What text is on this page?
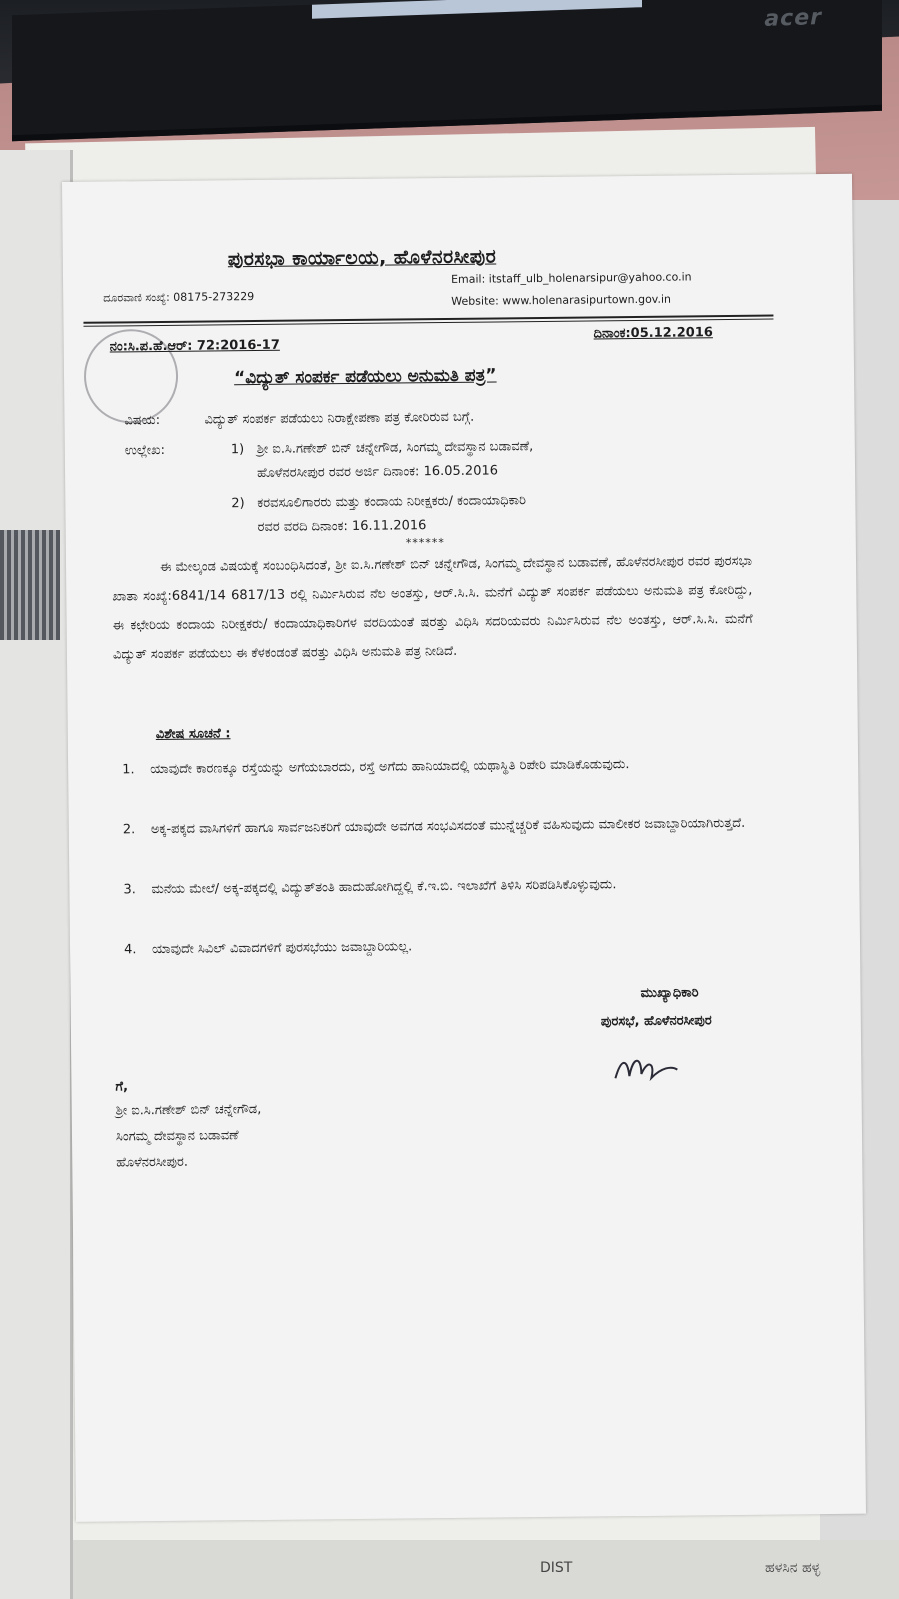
acer
DIST	ಹಳಸಿನ ಹಳ್ಳ
ಪುರಸಭಾ ಕಾರ್ಯಾಲಯ, ಹೊಳೆನರಸೀಪುರ
Email: itstaff_ulb_holenarsipur@yahoo.co.in
ದೂರವಾಣಿ ಸಂಖ್ಯೆ: 08175-273229	Website: www.holenarasipurtown.gov.in
ನಂ:ಸಿ.ಪ.ಹೆ.ಆರ್: 72:2016-17
ದಿನಾಂಕ:05.12.2016
“ವಿದ್ಯುತ್ ಸಂಪರ್ಕ ಪಡೆಯಲು ಅನುಮತಿ ಪತ್ರ”
ವಿಷಯ:	ವಿದ್ಯುತ್ ಸಂಪರ್ಕ ಪಡೆಯಲು ನಿರಾಕ್ಷೇಪಣಾ ಪತ್ರ ಕೋರಿರುವ ಬಗ್ಗೆ.
ಉಲ್ಲೇಖ:	1) ಶ್ರೀ ಐ.ಸಿ.ಗಣೇಶ್ ಬಿನ್ ಚನ್ನೇಗೌಡ, ಸಿಂಗಮ್ಮ ದೇವಸ್ಥಾನ ಬಡಾವಣೆ,
ಹೊಳೆನರಸೀಪುರ ರವರ ಅರ್ಜಿ ದಿನಾಂಕ: 16.05.2016
2) ಕರವಸೂಲಿಗಾರರು ಮತ್ತು ಕಂದಾಯ ನಿರೀಕ್ಷಕರು/ ಕಂದಾಯಾಧಿಕಾರಿ
ರವರ ವರದಿ ದಿನಾಂಕ: 16.11.2016
******
ಈ ಮೇಲ್ಕಂಡ ವಿಷಯಕ್ಕೆ ಸಂಬಂಧಿಸಿದಂತೆ, ಶ್ರೀ ಐ.ಸಿ.ಗಣೇಶ್ ಬಿನ್ ಚನ್ನೇಗೌಡ, ಸಿಂಗಮ್ಮ ದೇವಸ್ಥಾನ ಬಡಾವಣೆ, ಹೊಳೆನರಸೀಪುರ ರವರ ಪುರಸಭಾ ಖಾತಾ ಸಂಖ್ಯೆ:6841/14 6817/13 ರಲ್ಲಿ ನಿರ್ಮಿಸಿರುವ ನೆಲ ಅಂತಸ್ತು, ಆರ್.ಸಿ.ಸಿ. ಮನೆಗೆ ವಿದ್ಯುತ್ ಸಂಪರ್ಕ ಪಡೆಯಲು ಅನುಮತಿ ಪತ್ರ ಕೋರಿದ್ದು, ಈ ಕಛೇರಿಯ ಕಂದಾಯ ನಿರೀಕ್ಷಕರು/ ಕಂದಾಯಾಧಿಕಾರಿಗಳ ವರದಿಯಂತೆ ಷರತ್ತು ವಿಧಿಸಿ ಸದರಿಯವರು ನಿರ್ಮಿಸಿರುವ ನೆಲ ಅಂತಸ್ತು, ಆರ್.ಸಿ.ಸಿ. ಮನೆಗೆ ವಿದ್ಯುತ್ ಸಂಪರ್ಕ ಪಡೆಯಲು ಈ ಕೆಳಕಂಡಂತೆ ಷರತ್ತು ವಿಧಿಸಿ ಅನುಮತಿ ಪತ್ರ ನೀಡಿದೆ.
ವಿಶೇಷ ಸೂಚನೆ :
1. ಯಾವುದೇ ಕಾರಣಕ್ಕೂ ರಸ್ತೆಯನ್ನು ಅಗೆಯಬಾರದು, ರಸ್ತೆ ಅಗೆದು ಹಾನಿಯಾದಲ್ಲಿ ಯಥಾಸ್ಥಿತಿ ರಿಪೇರಿ ಮಾಡಿಕೊಡುವುದು.
2. ಅಕ್ಕ-ಪಕ್ಕದ ವಾಸಿಗಳಿಗೆ ಹಾಗೂ ಸಾರ್ವಜನಿಕರಿಗೆ ಯಾವುದೇ ಅವಗಡ ಸಂಭವಿಸದಂತೆ ಮುನ್ನೆಚ್ಚರಿಕೆ ವಹಿಸುವುದು ಮಾಲೀಕರ ಜವಾಬ್ದಾರಿಯಾಗಿರುತ್ತದೆ.
3. ಮನೆಯ ಮೇಲೆ/ ಅಕ್ಕ-ಪಕ್ಕದಲ್ಲಿ ವಿದ್ಯುತ್‌ತಂತಿ ಹಾದುಹೋಗಿದ್ದಲ್ಲಿ ಕೆ.ಇ.ಬಿ. ಇಲಾಖೆಗೆ ತಿಳಿಸಿ ಸರಿಪಡಿಸಿಕೊಳ್ಳುವುದು.
4. ಯಾವುದೇ ಸಿವಿಲ್ ವಿವಾದಗಳಿಗೆ ಪುರಸಭೆಯು ಜವಾಬ್ದಾರಿಯಲ್ಲ.
ಮುಖ್ಯಾಧಿಕಾರಿ
ಪುರಸಭೆ, ಹೊಳೆನರಸೀಪುರ
ಗೆ,
ಶ್ರೀ ಐ.ಸಿ.ಗಣೇಶ್ ಬಿನ್ ಚನ್ನೇಗೌಡ,
ಸಿಂಗಮ್ಮ ದೇವಸ್ಥಾನ ಬಡಾವಣೆ
ಹೊಳೆನರಸೀಪುರ.
